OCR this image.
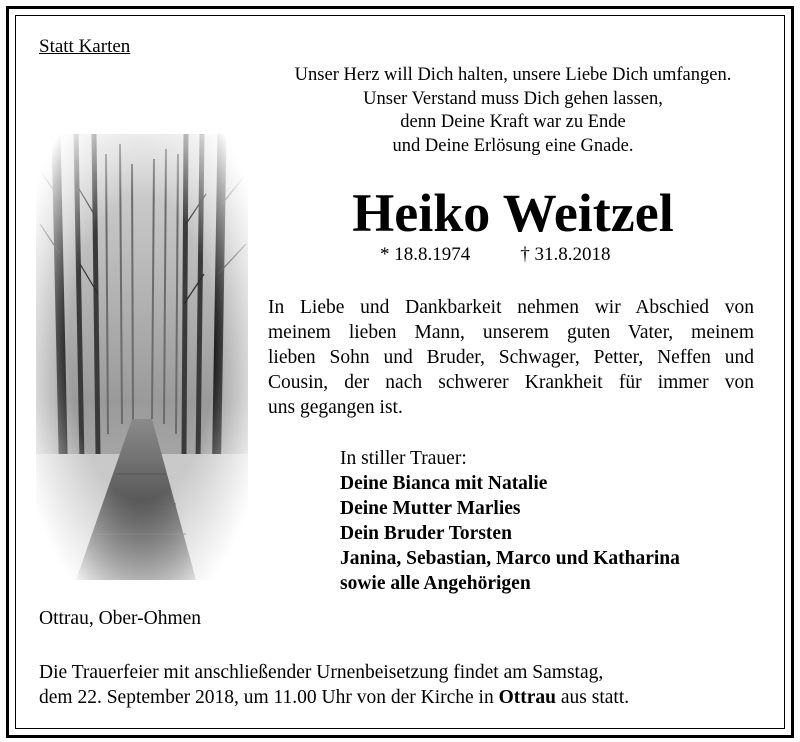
Statt Karten
Unser Herz will Dich halten, unsere Liebe Dich umfangen.
Unser Verstand muss Dich gehen lassen,
denn Deine Kraft war zu Ende
und Deine Erlösung eine Gnade.
Heiko Weitzel
* 18.8.1974	† 31.8.2018
In Liebe und Dankbarkeit nehmen wir Abschied von
meinem lieben Mann, unserem guten Vater, meinem
lieben Sohn und Bruder, Schwager, Petter, Neffen und
Cousin, der nach schwerer Krankheit für immer von
uns gegangen ist.
In stiller Trauer:
Deine Bianca mit Natalie
Deine Mutter Marlies
Dein Bruder Torsten
Janina, Sebastian, Marco und Katharina
sowie alle Angehörigen
Ottrau, Ober-Ohmen
Die Trauerfeier mit anschließender Urnenbeisetzung findet am Samstag,
dem 22. September 2018, um 11.00 Uhr von der Kirche in Ottrau aus statt.
